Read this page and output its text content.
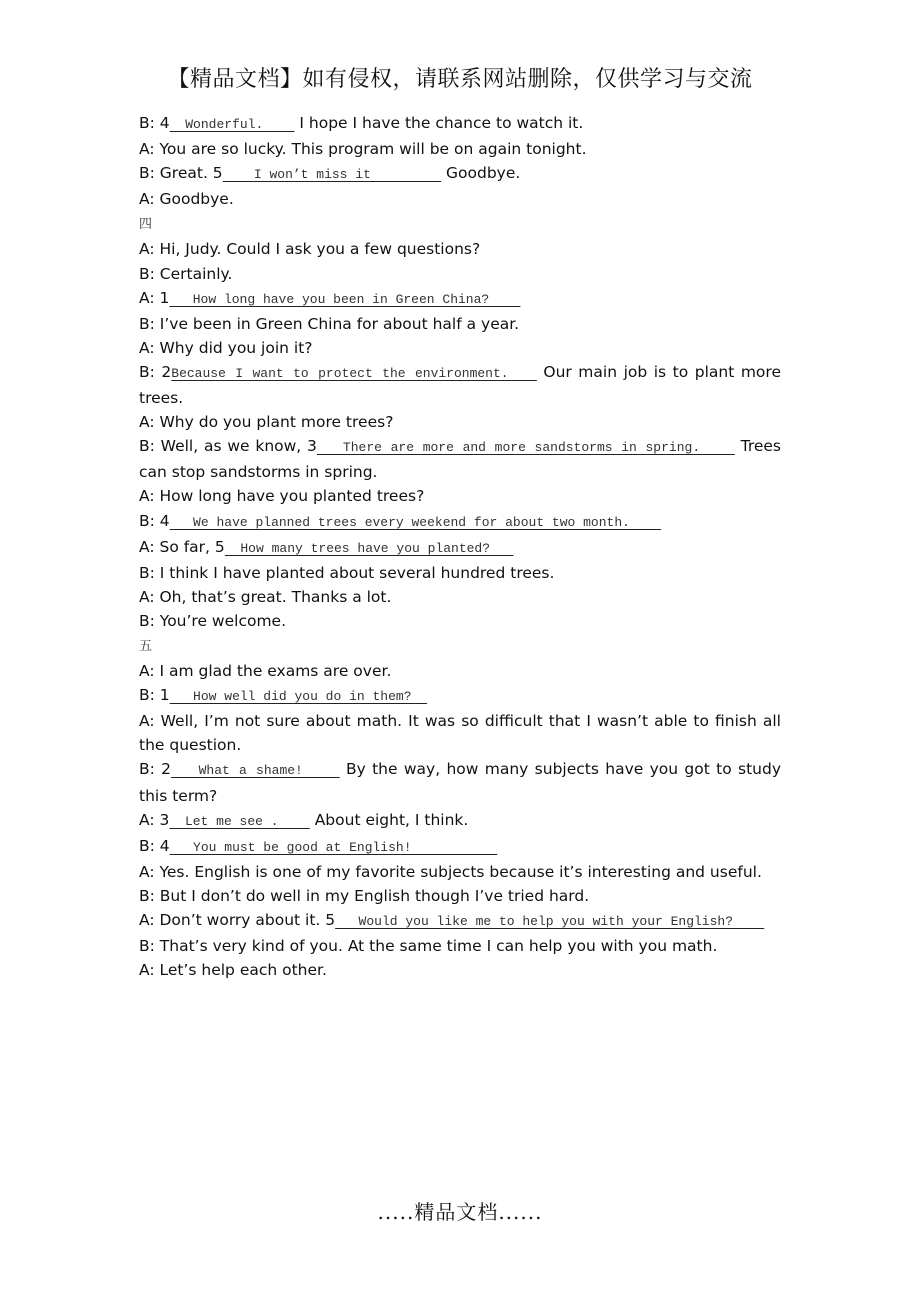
【精品文档】如有侵权，请联系网站删除，仅供学习与交流
B: 4  Wonderful.     I hope I have the chance to watch it.
A: You are so lucky. This program will be on again tonight.
B: Great. 5    I won’t miss it          Goodbye.
A: Goodbye.
四
A: Hi, Judy. Could I ask you a few questions?
B: Certainly.
A: 1   How long have you been in Green China?
B: I’ve been in Green China for about half a year.
A: Why did you join it?
B: 2Because I want to protect the environment.    Our main job is to plant more trees.
A: Why do you plant more trees?
B: Well, as we know, 3   There are more and more sandstorms in spring.     Trees can stop sandstorms in spring.
A: How long have you planted trees?
B: 4   We have planned trees every weekend for about two month.
A: So far, 5  How many trees have you planted?
B: I think I have planted about several hundred trees.
A: Oh, that’s great. Thanks a lot.
B: You’re welcome.
五
A: I am glad the exams are over.
B: 1   How well did you do in them?
A: Well, I’m not sure about math. It was so difficult that I wasn’t able to finish all the question.
B: 2   What a shame!     By the way, how many subjects have you got to study this term?
A: 3  Let me see .     About eight, I think.
B: 4   You must be good at English!
A: Yes. English is one of my favorite subjects because it’s interesting and useful.
B: But I don’t do well in my English though I’ve tried hard.
A: Don’t worry about it. 5   Would you like me to help you with your English?
B: That’s very kind of you. At the same time I can help you with you math.
A: Let’s help each other.
.....精品文档......
